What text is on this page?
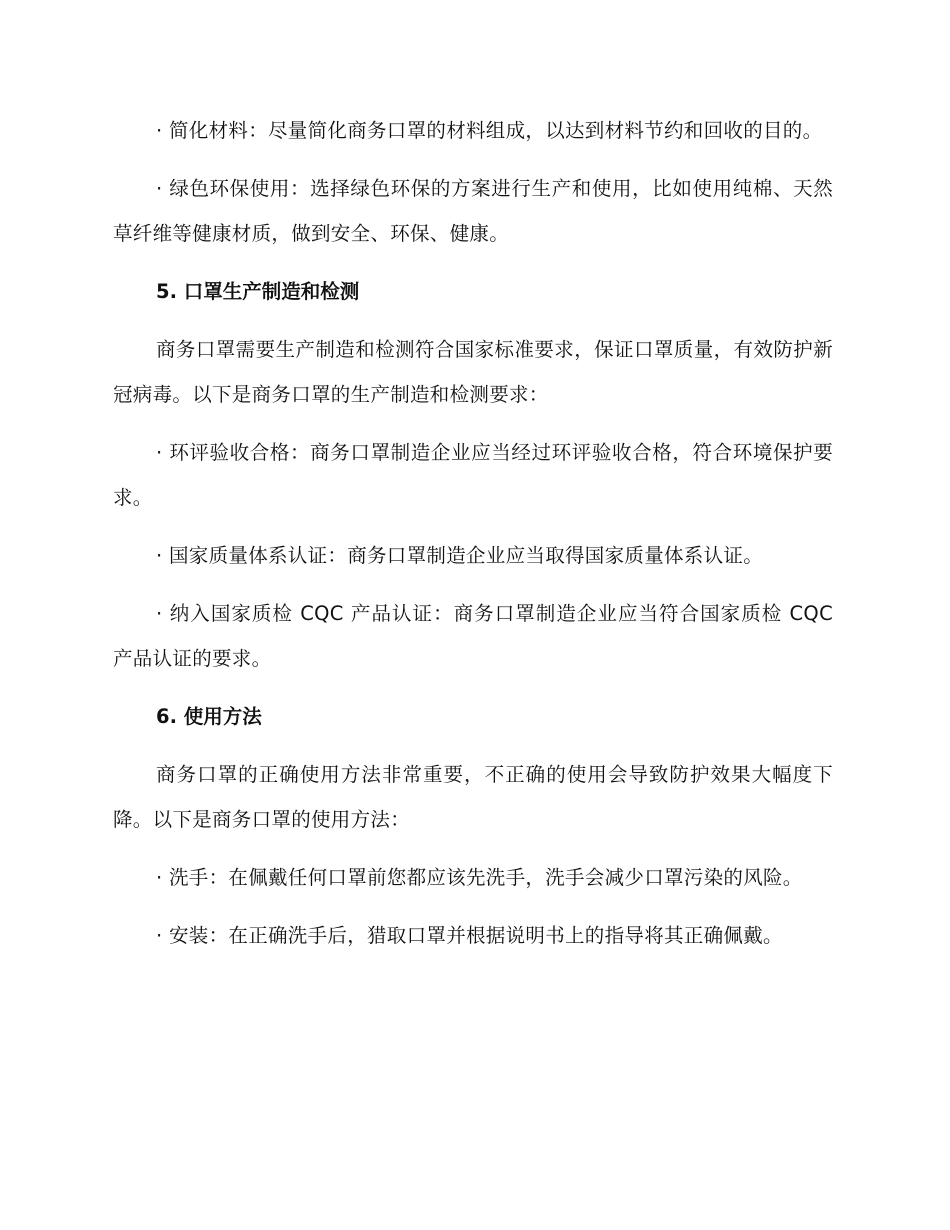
· 简化材料：尽量简化商务口罩的材料组成，以达到材料节约和回收的目的。

· 绿色环保使用：选择绿色环保的方案进行生产和使用，比如使用纯棉、天然草纤维等健康材质，做到安全、环保、健康。

5. 口罩生产制造和检测

商务口罩需要生产制造和检测符合国家标准要求，保证口罩质量，有效防护新冠病毒。以下是商务口罩的生产制造和检测要求：

· 环评验收合格：商务口罩制造企业应当经过环评验收合格，符合环境保护要求。

· 国家质量体系认证：商务口罩制造企业应当取得国家质量体系认证。

· 纳入国家质检 CQC 产品认证：商务口罩制造企业应当符合国家质检 CQC 产品认证的要求。

6. 使用方法

商务口罩的正确使用方法非常重要，不正确的使用会导致防护效果大幅度下降。以下是商务口罩的使用方法：

· 洗手：在佩戴任何口罩前您都应该先洗手，洗手会减少口罩污染的风险。

· 安装：在正确洗手后，猎取口罩并根据说明书上的指导将其正确佩戴。
